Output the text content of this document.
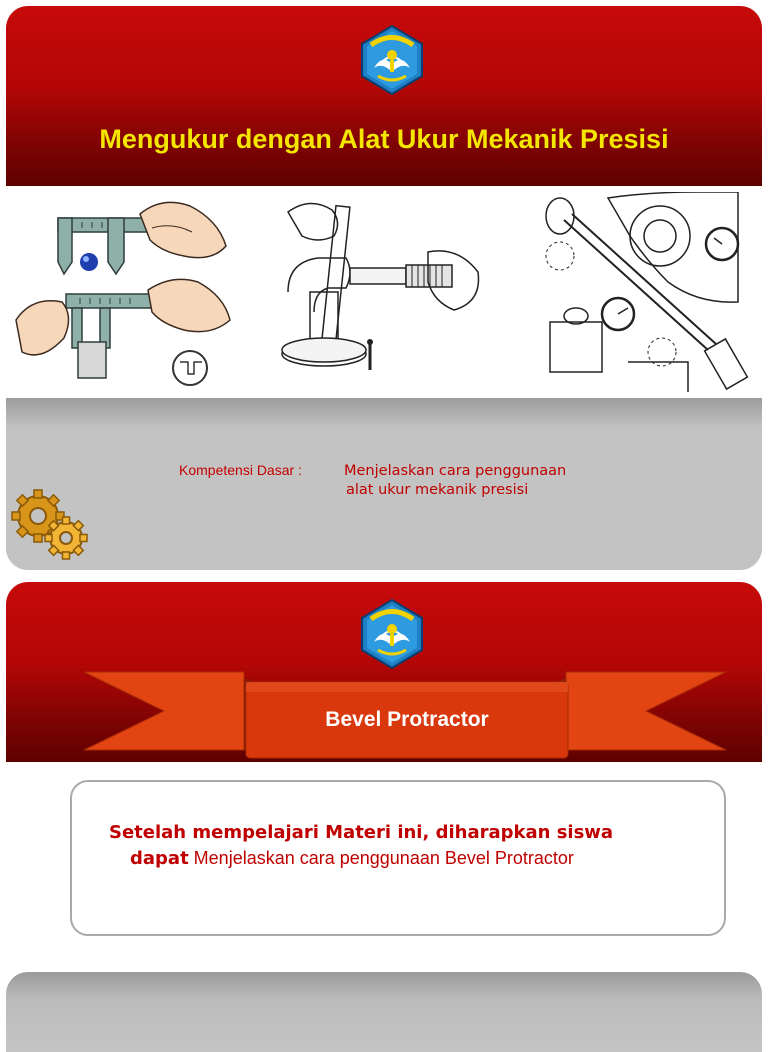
Mengukur dengan Alat Ukur Mekanik Presisi
Kompetensi Dasar :	Menjelaskan cara penggunaan
alat ukur mekanik presisi
Bevel Protractor
Setelah mempelajari Materi ini, diharapkan siswa
dapat Menjelaskan cara penggunaan Bevel Protractor
